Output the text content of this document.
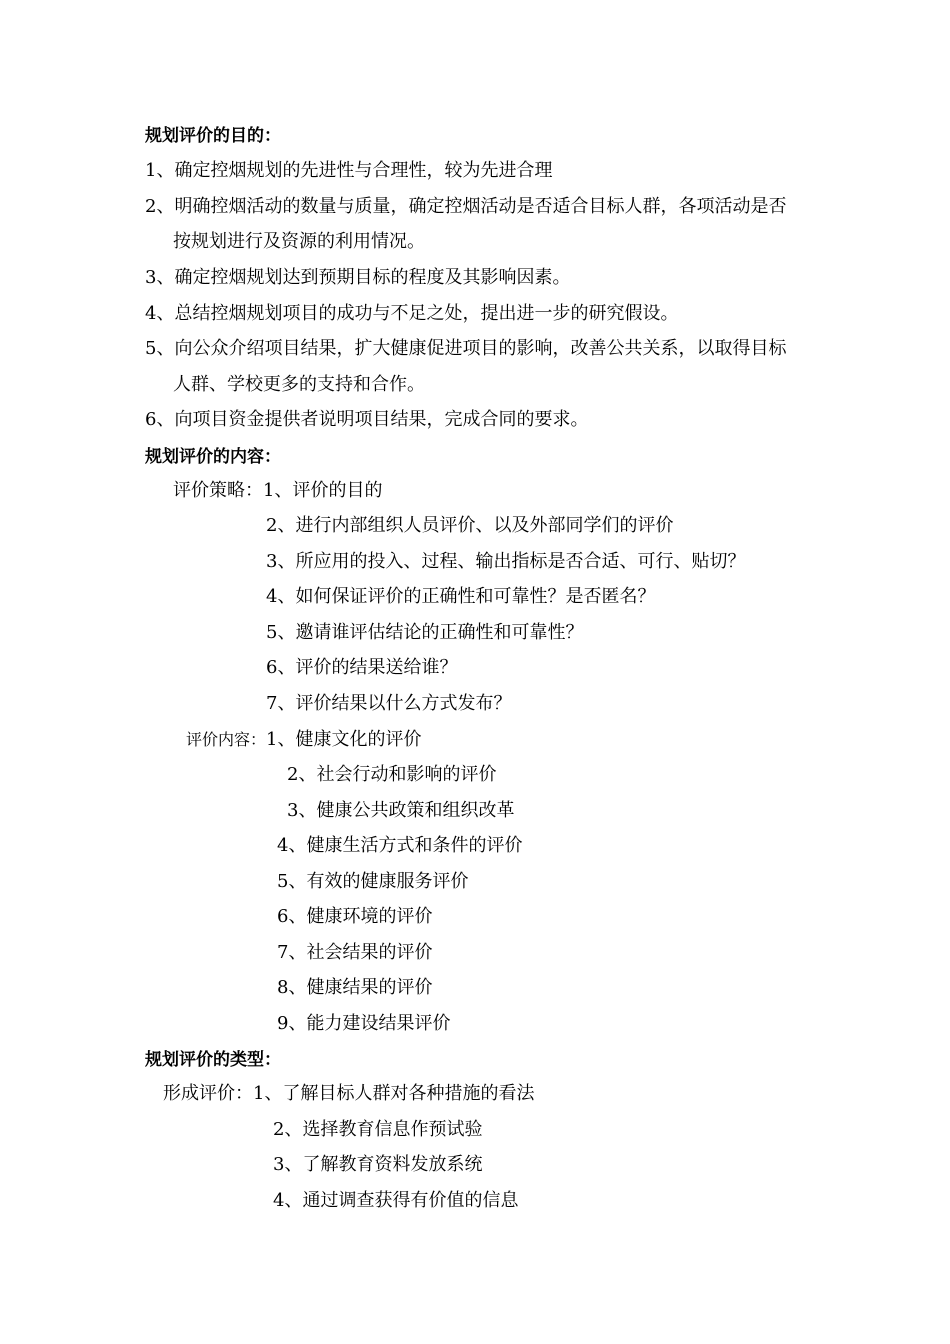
规划评价的目的：

1、确定控烟规划的先进性与合理性，较为先进合理

2、明确控烟活动的数量与质量，确定控烟活动是否适合目标人群，各项活动是否

按规划进行及资源的利用情况。

3、确定控烟规划达到预期目标的程度及其影响因素。

4、总结控烟规划项目的成功与不足之处，提出进一步的研究假设。

5、向公众介绍项目结果，扩大健康促进项目的影响，改善公共关系，以取得目标

人群、学校更多的支持和合作。

6、向项目资金提供者说明项目结果，完成合同的要求。

规划评价的内容：

评价策略：1、评价的目的

2、进行内部组织人员评价、以及外部同学们的评价

3、所应用的投入、过程、输出指标是否合适、可行、贴切？

4、如何保证评价的正确性和可靠性？是否匿名？

5、邀请谁评估结论的正确性和可靠性？

6、评价的结果送给谁？

7、评价结果以什么方式发布？

评价内容：1、健康文化的评价

2、社会行动和影响的评价

3、健康公共政策和组织改革

4、健康生活方式和条件的评价

5、有效的健康服务评价

6、健康环境的评价

7、社会结果的评价

8、健康结果的评价

9、能力建设结果评价

规划评价的类型：

形成评价：1、了解目标人群对各种措施的看法

2、选择教育信息作预试验

3、了解教育资料发放系统

4、通过调查获得有价值的信息
